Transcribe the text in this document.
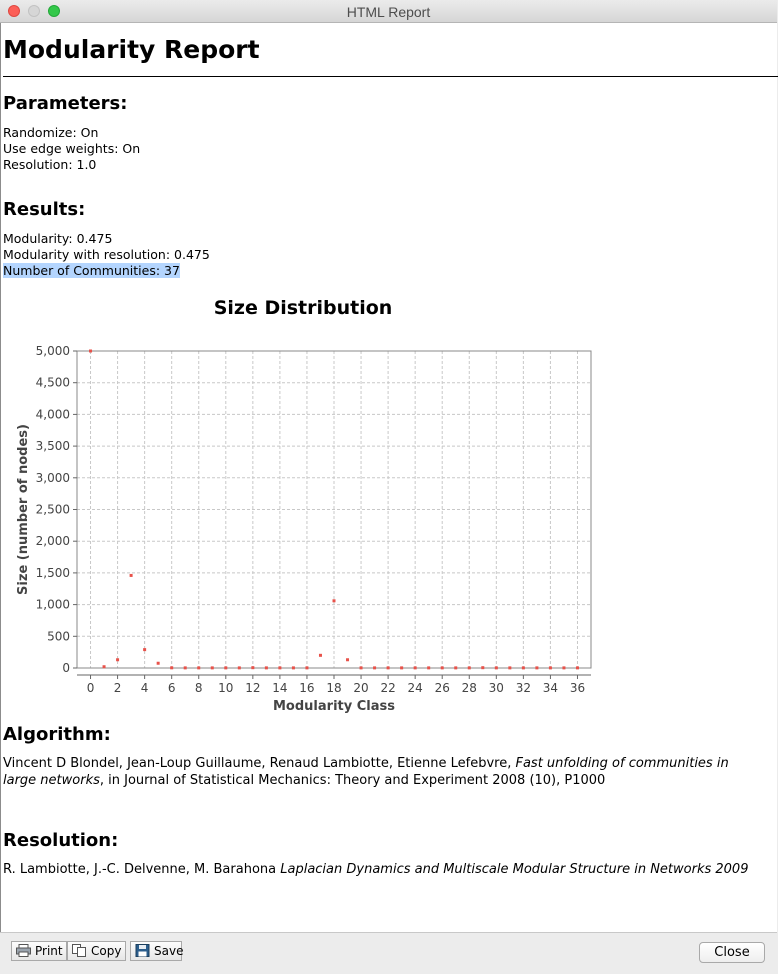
HTML Report
Modularity Report
Parameters:
Randomize: On
Use edge weights: On
Resolution: 1.0
Results:
Modularity: 0.475
Modularity with resolution: 0.475
Number of Communities: 37
Size Distribution
0
500
1,000
1,500
2,000
2,500
3,000
3,500
4,000
4,500
5,000
0 2 4 6 8 10 12 14 16 18 20 22 24 26 28 30 32 34 36
Size (number of nodes)
Modularity Class
Algorithm:
Vincent D Blondel, Jean-Loup Guillaume, Renaud Lambiotte, Etienne Lefebvre, Fast unfolding of communities in large networks, in Journal of Statistical Mechanics: Theory and Experiment 2008 (10), P1000
Resolution:
R. Lambiotte, J.-C. Delvenne, M. Barahona Laplacian Dynamics and Multiscale Modular Structure in Networks 2009
Print Copy	Save	Close
